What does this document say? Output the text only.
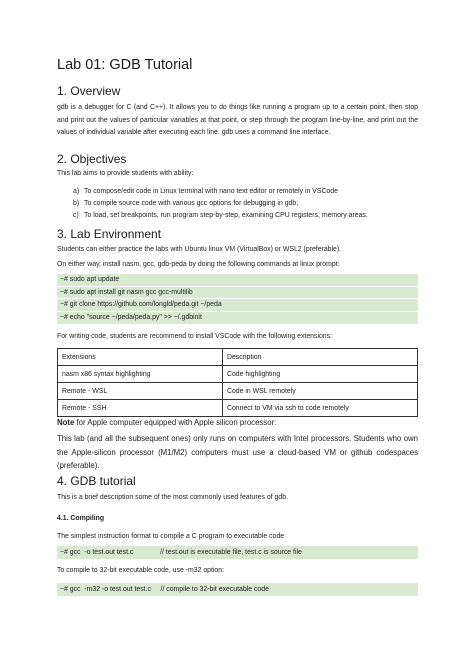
Lab 01: GDB Tutorial
1. Overview
gdb is a debugger for C (and C++). It allows you to do things like running a program up to a certain point, then stop and print out the values of particular variables at that point, or step through the program line-by-line, and print out the values of individual variable after executing each line. gdb uses a command line interface.
2. Objectives
This lab aims to provide students with ability:
a) To compose/edit code in Linux terminal with nano text editor or remotely in VSCode
b) To compile source code with various gcc options for debugging in gdb;
c) To load, set breakpoints, run program step-by-step, examining CPU registers, memory areas.
3. Lab Environment
Students can either practice the labs with Ubuntu linux VM (VirtualBox) or WSL2 (preferable).
On either way, install nasm, gcc, gdb-peda by doing the following commands at linux prompt:
~# sudo apt update
~# sudo apt install git nasm gcc gcc-multilib
~# git clone https://github.com/longld/peda.git ~/peda
~# echo "source ~/peda/peda.py" >> ~/.gdbinit
For writing code, students are recommend to install VSCode with the following extensions:
Extensions	Description
nasm x86 syntax highlighting	Code highlighting
Remote - WSL	Code in WSL remotely
Remote - SSH	Connect to VM via ssh to code remotely
Note for Apple computer equipped with Apple silicon processor:
This lab (and all the subsequent ones) only runs on computers with Intel processors. Students who own the Apple-silicon processor (M1/M2) computers must use a cloud-based VM or github codespaces (preferable).
4. GDB tutorial
This is a brief description some of the most commonly used features of gdb.
4.1. Compiling
The simplest instruction format to compile a C program to executable code
~# gcc  -o test.out test.c              // test.out is executable file, test.c is source file
To compile to 32-bit executable code, use -m32 option:
~# gcc  -m32 -o test.out test.c     // compile to 32-bit executable code
